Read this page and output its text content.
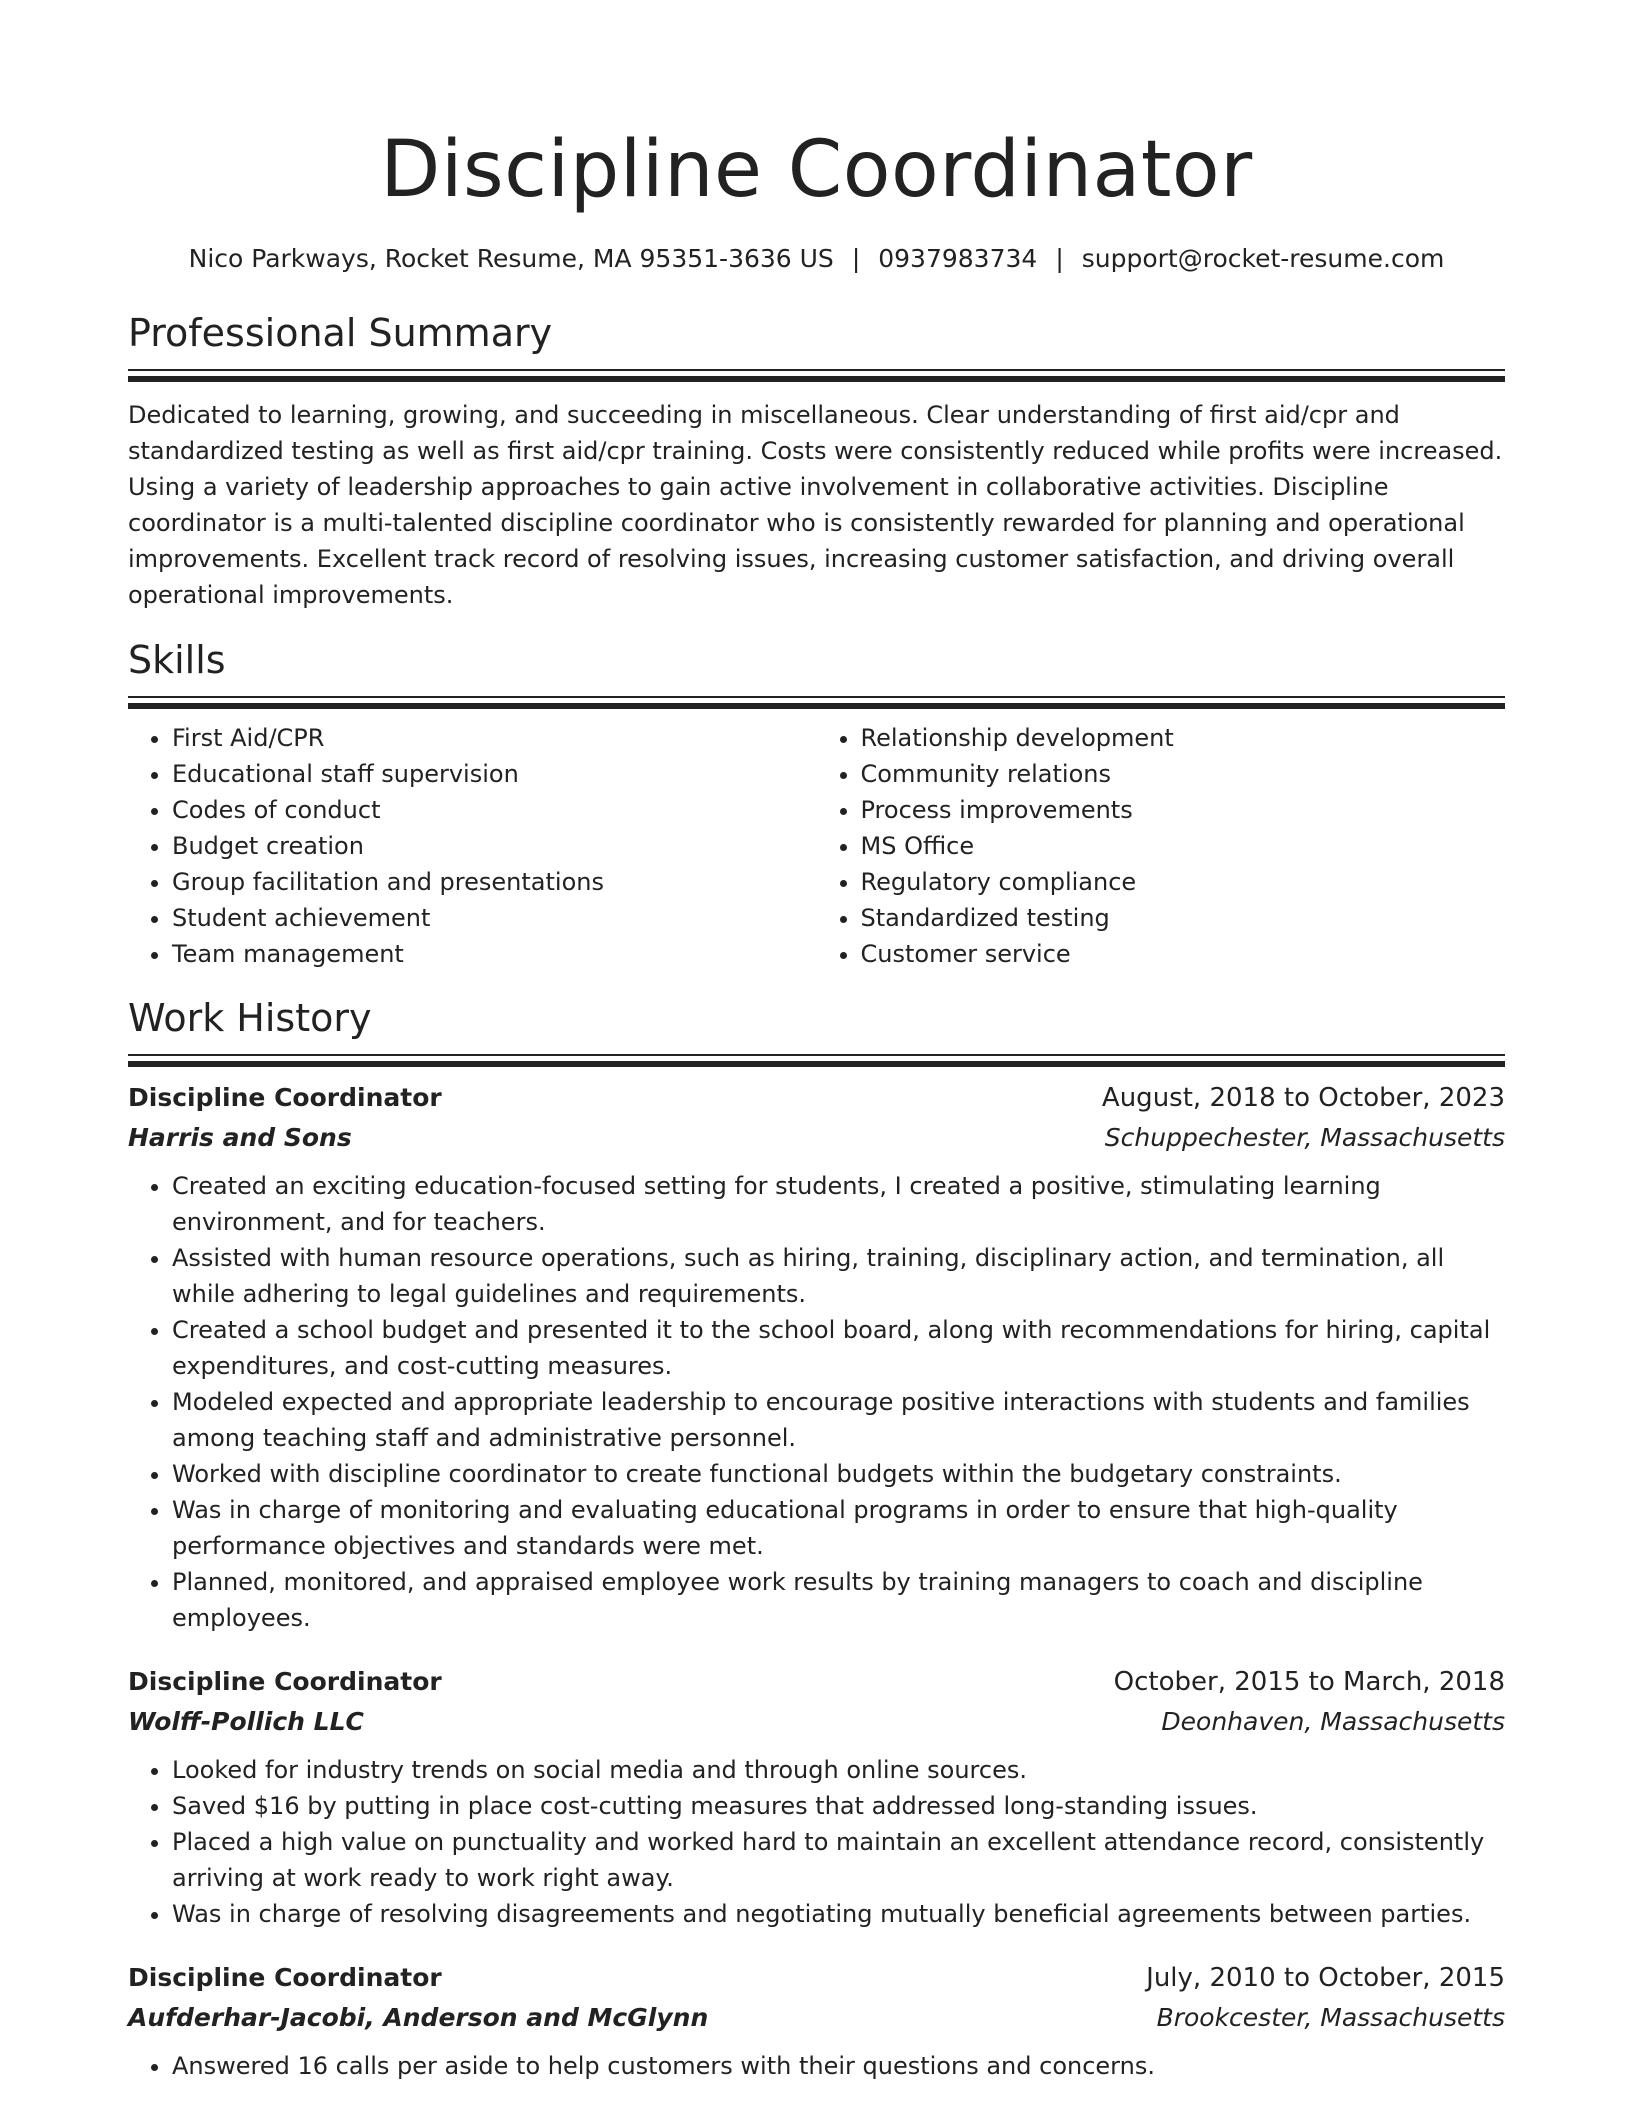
Discipline Coordinator
Nico Parkways, Rocket Resume, MA 95351-3636 US | 0937983734 | support@rocket-resume.com
Professional Summary
Dedicated to learning, growing, and succeeding in miscellaneous. Clear understanding of first aid/cpr and standardized testing as well as first aid/cpr training. Costs were consistently reduced while profits were increased. Using a variety of leadership approaches to gain active involvement in collaborative activities. Discipline coordinator is a multi-talented discipline coordinator who is consistently rewarded for planning and operational improvements. Excellent track record of resolving issues, increasing customer satisfaction, and driving overall operational improvements.
Skills
• First Aid/CPR
• Educational staff supervision
• Codes of conduct
• Budget creation
• Group facilitation and presentations
• Student achievement
• Team management
• Relationship development
• Community relations
• Process improvements
• MS Office
• Regulatory compliance
• Standardized testing
• Customer service
Work History
Discipline Coordinator	August, 2018 to October, 2023
Harris and Sons	Schuppechester, Massachusetts
• Created an exciting education-focused setting for students, I created a positive, stimulating learning environment, and for teachers.
• Assisted with human resource operations, such as hiring, training, disciplinary action, and termination, all while adhering to legal guidelines and requirements.
• Created a school budget and presented it to the school board, along with recommendations for hiring, capital expenditures, and cost-cutting measures.
• Modeled expected and appropriate leadership to encourage positive interactions with students and families among teaching staff and administrative personnel.
• Worked with discipline coordinator to create functional budgets within the budgetary constraints.
• Was in charge of monitoring and evaluating educational programs in order to ensure that high-quality performance objectives and standards were met.
• Planned, monitored, and appraised employee work results by training managers to coach and discipline employees.
Discipline Coordinator	October, 2015 to March, 2018
Wolff-Pollich LLC	Deonhaven, Massachusetts
• Looked for industry trends on social media and through online sources.
• Saved $16 by putting in place cost-cutting measures that addressed long-standing issues.
• Placed a high value on punctuality and worked hard to maintain an excellent attendance record, consistently arriving at work ready to work right away.
• Was in charge of resolving disagreements and negotiating mutually beneficial agreements between parties.
Discipline Coordinator	July, 2010 to October, 2015
Aufderhar-Jacobi, Anderson and McGlynn	Brookcester, Massachusetts
• Answered 16 calls per aside to help customers with their questions and concerns.
